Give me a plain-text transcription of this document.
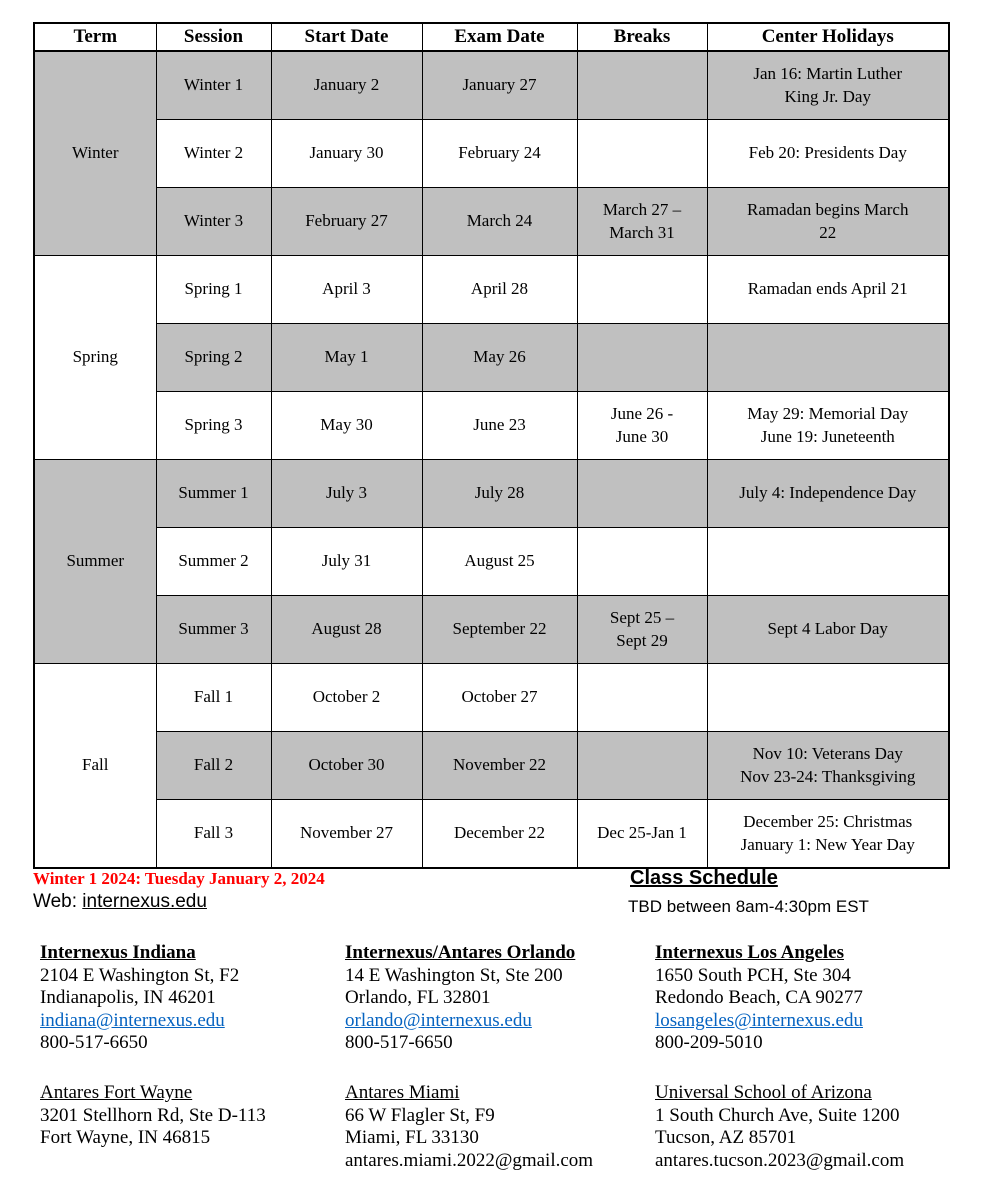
Term	Session	Start Date	Exam Date	Breaks	Center Holidays
Winter	Winter 1	January 2	January 27		Jan 16: Martin Luther
King Jr. Day
	Winter 2	January 30	February 24		Feb 20: Presidents Day
	Winter 3	February 27	March 24	March 27 –
March 31	Ramadan begins March
22
Spring	Spring 1	April 3	April 28		Ramadan ends April 21
	Spring 2	May 1	May 26		
	Spring 3	May 30	June 23	June 26 -
June 30	May 29: Memorial Day
June 19: Juneteenth
Summer	Summer 1	July 3	July 28		July 4: Independence Day
	Summer 2	July 31	August 25		
	Summer 3	August 28	September 22	Sept 25 –
Sept 29	Sept 4 Labor Day
Fall	Fall 1	October 2	October 27		
	Fall 2	October 30	November 22		Nov 10: Veterans Day
Nov 23-24: Thanksgiving
	Fall 3	November 27	December 22	Dec 25-Jan 1	December 25: Christmas
January 1: New Year Day
Winter 1 2024: Tuesday January 2, 2024
Web: internexus.edu
Class Schedule
TBD between 8am-4:30pm EST
Internexus Indiana
2104 E Washington St, F2
Indianapolis, IN 46201
indiana@internexus.edu
800-517-6650
Internexus/Antares Orlando
14 E Washington St, Ste 200
Orlando, FL 32801
orlando@internexus.edu
800-517-6650
Internexus Los Angeles
1650 South PCH, Ste 304
Redondo Beach, CA 90277
losangeles@internexus.edu
800-209-5010
Antares Fort Wayne
3201 Stellhorn Rd, Ste D-113
Fort Wayne, IN 46815
Antares Miami
66 W Flagler St, F9
Miami, FL 33130
antares.miami.2022@gmail.com
Universal School of Arizona
1 South Church Ave, Suite 1200
Tucson, AZ 85701
antares.tucson.2023@gmail.com
